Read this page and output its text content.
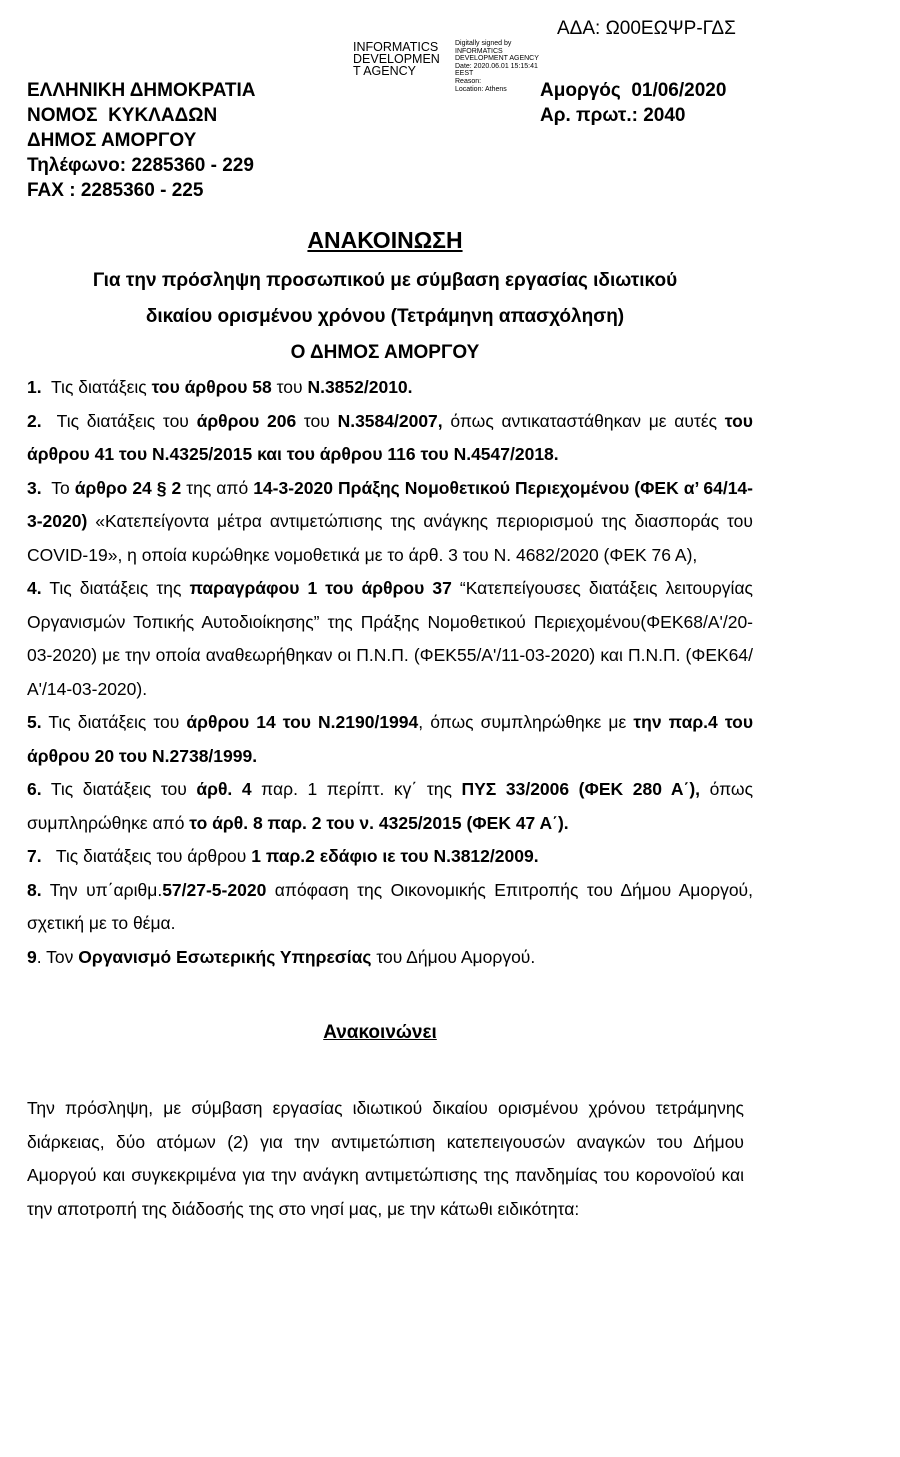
ΑΔΑ: Ω00ΕΩΨΡ-ΓΔΣ
INFORMATICS
DEVELOPMEN
T AGENCY
Digitally signed by
INFORMATICS
DEVELOPMENT AGENCY
Date: 2020.06.01 15:15:41
EEST
Reason:
Location: Athens
ΕΛΛΗΝΙΚΗ ΔΗΜΟΚΡΑΤΙΑ
ΝΟΜΟΣ  ΚΥΚΛΑΔΩΝ
ΔΗΜΟΣ ΑΜΟΡΓΟΥ
Τηλέφωνο: 2285360 - 229
FAX : 2285360 - 225
Αμοργός  01/06/2020
Αρ. πρωτ.: 2040
ΑΝΑΚΟΙΝΩΣΗ
Για την πρόσληψη προσωπικού με σύμβαση εργασίας ιδιωτικού
δικαίου ορισμένου χρόνου (Τετράμηνη απασχόληση)
Ο ΔΗΜΟΣ ΑΜΟΡΓΟΥ

1.  Τις διατάξεις του άρθρου 58 του Ν.3852/2010.

2.  Τις διατάξεις του άρθρου 206 του Ν.3584/2007, όπως αντικαταστάθηκαν με αυτές του άρθρου 41 του Ν.4325/2015 και του άρθρου 116 του Ν.4547/2018.

3.  Το άρθρο 24 § 2 της από 14-3-2020 Πράξης Νομοθετικού Περιεχομένου (ΦΕΚ α’ 64/14-3-2020) «Κατεπείγοντα μέτρα αντιμετώπισης της ανάγκης περιορισμού της διασποράς του COVID-19», η οποία κυρώθηκε νομοθετικά με το άρθ. 3 του Ν. 4682/2020 (ΦΕΚ 76 Α),

4. Τις διατάξεις της παραγράφου 1 του άρθρου 37 “Κατεπείγουσες διατάξεις λειτουργίας Οργανισμών Τοπικής Αυτοδιοίκησης” της Πράξης Νομοθετικού Περιεχομένου(ΦΕΚ68/Α'/20-03-2020) με την οποία αναθεωρήθηκαν οι Π.Ν.Π. (ΦΕΚ55/Α'/11-03-2020) και Π.Ν.Π. (ΦΕΚ64/Α'/14-03-2020).

5. Τις διατάξεις του άρθρου 14 του Ν.2190/1994, όπως συμπληρώθηκε με την παρ.4 του άρθρου 20 του Ν.2738/1999.

6. Τις διατάξεις του άρθ. 4 παρ. 1 περίπτ. κγ΄ της ΠΥΣ 33/2006 (ΦΕΚ 280 Α΄), όπως συμπληρώθηκε από το άρθ. 8 παρ. 2 του ν. 4325/2015 (ΦΕΚ 47 Α΄).

7.   Τις διατάξεις του άρθρου 1 παρ.2 εδάφιο ιε του Ν.3812/2009.

8. Την υπ΄αριθμ.57/27-5-2020 απόφαση της Οικονομικής Επιτροπής του Δήμου Αμοργού, σχετική με το θέμα.

9. Τον Οργανισμό Εσωτερικής Υπηρεσίας του Δήμου Αμοργού.

Ανακοινώνει

Την πρόσληψη, με σύμβαση εργασίας ιδιωτικού δικαίου ορισμένου χρόνου τετράμηνης διάρκειας, δύο ατόμων (2) για την αντιμετώπιση κατεπειγουσών αναγκών του Δήμου Αμοργού και συγκεκριμένα για την ανάγκη αντιμετώπισης της πανδημίας του κορονοϊού και την αποτροπή της διάδοσής της στο νησί μας, με την κάτωθι ειδικότητα:
